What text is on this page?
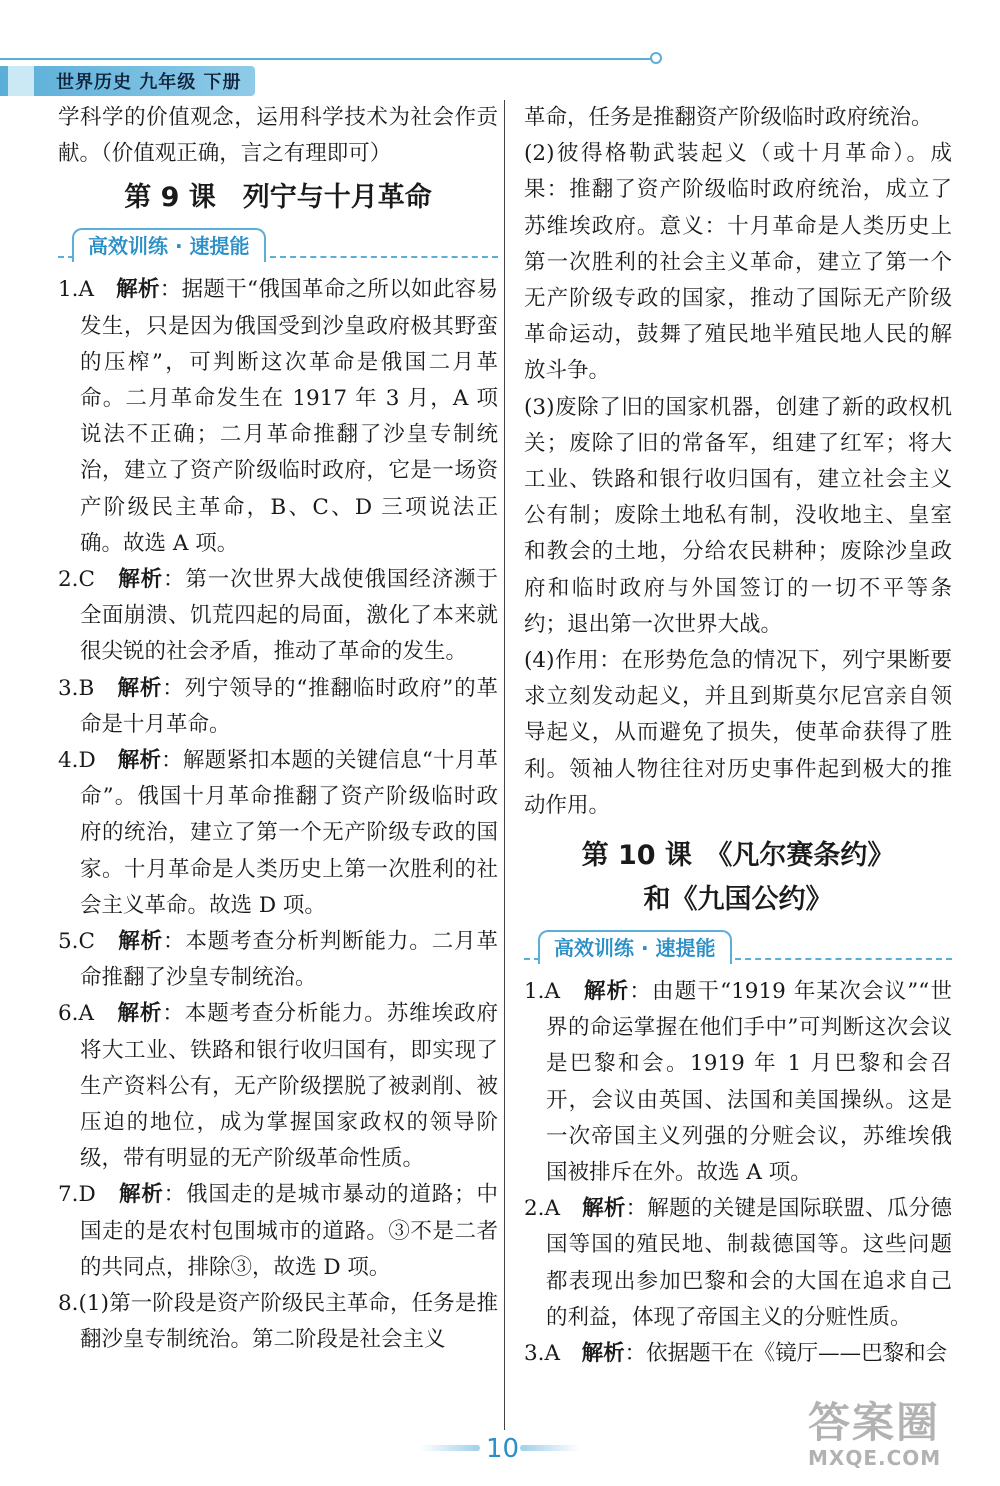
世界历史 九年级 下册

学科学的价值观念，运用科学技术为社会作贡献。（价值观正确，言之有理即可）

第 9 课　列宁与十月革命
高效训练 · 速提能

1.A　 解析：据题干“俄国革命之所以如此容易发生，只是因为俄国受到沙皇政府极其野蛮的压榨”，可判断这次革命是俄国二月革命。二月革命发生在 1917 年 3 月，A 项说法不正确；二月革命推翻了沙皇专制统治，建立了资产阶级临时政府，它是一场资产阶级民主革命，B、C、D 三项说法正确。故选 A 项。

2.C　 解析：第一次世界大战使俄国经济濒于全面崩溃、饥荒四起的局面，激化了本来就很尖锐的社会矛盾，推动了革命的发生。

3.B　 解析：列宁领导的“推翻临时政府”的革命是十月革命。

4.D　 解析：解题紧扣本题的关键信息“十月革命”。俄国十月革命推翻了资产阶级临时政府的统治，建立了第一个无产阶级专政的国家。十月革命是人类历史上第一次胜利的社会主义革命。故选 D 项。

5.C　 解析：本题考查分析判断能力。二月革命推翻了沙皇专制统治。

6.A　 解析：本题考查分析能力。苏维埃政府将大工业、铁路和银行收归国有，即实现了生产资料公有，无产阶级摆脱了被剥削、被压迫的地位，成为掌握国家政权的领导阶级，带有明显的无产阶级革命性质。

7.D　 解析：俄国走的是城市暴动的道路；中国走的是农村包围城市的道路。③不是二者的共同点，排除③，故选 D 项。

8.(1)第一阶段是资产阶级民主革命，任务是推翻沙皇专制统治。第二阶段是社会主义

革命，任务是推翻资产阶级临时政府统治。

(2)彼得格勒武装起义（或十月革命）。成果：推翻了资产阶级临时政府统治，成立了苏维埃政府。意义：十月革命是人类历史上第一次胜利的社会主义革命，建立了第一个无产阶级专政的国家，推动了国际无产阶级革命运动，鼓舞了殖民地半殖民地人民的解放斗争。

(3)废除了旧的国家机器，创建了新的政权机关；废除了旧的常备军，组建了红军；将大工业、铁路和银行收归国有，建立社会主义公有制；废除土地私有制，没收地主、皇室和教会的土地，分给农民耕种；废除沙皇政府和临时政府与外国签订的一切不平等条约；退出第一次世界大战。

(4)作用：在形势危急的情况下，列宁果断要求立刻发动起义，并且到斯莫尔尼宫亲自领导起义，从而避免了损失，使革命获得了胜利。领袖人物往往对历史事件起到极大的推动作用。

第 10 课　《凡尔赛条约》
和《九国公约》
高效训练 · 速提能

1.A　 解析：由题干“1919 年某次会议”“世界的命运掌握在他们手中”可判断这次会议是巴黎和会。1919 年 1 月巴黎和会召开，会议由英国、法国和美国操纵。这是一次帝国主义列强的分赃会议，苏维埃俄国被排斥在外。故选 A 项。

2.A　 解析：解题的关键是国际联盟、瓜分德国等国的殖民地、制裁德国等。这些问题都表现出参加巴黎和会的大国在追求自己的利益，体现了帝国主义的分赃性质。

3.A　 解析：依据题干在《镜厅——巴黎和会

10
答案圈
MXQE.COM
